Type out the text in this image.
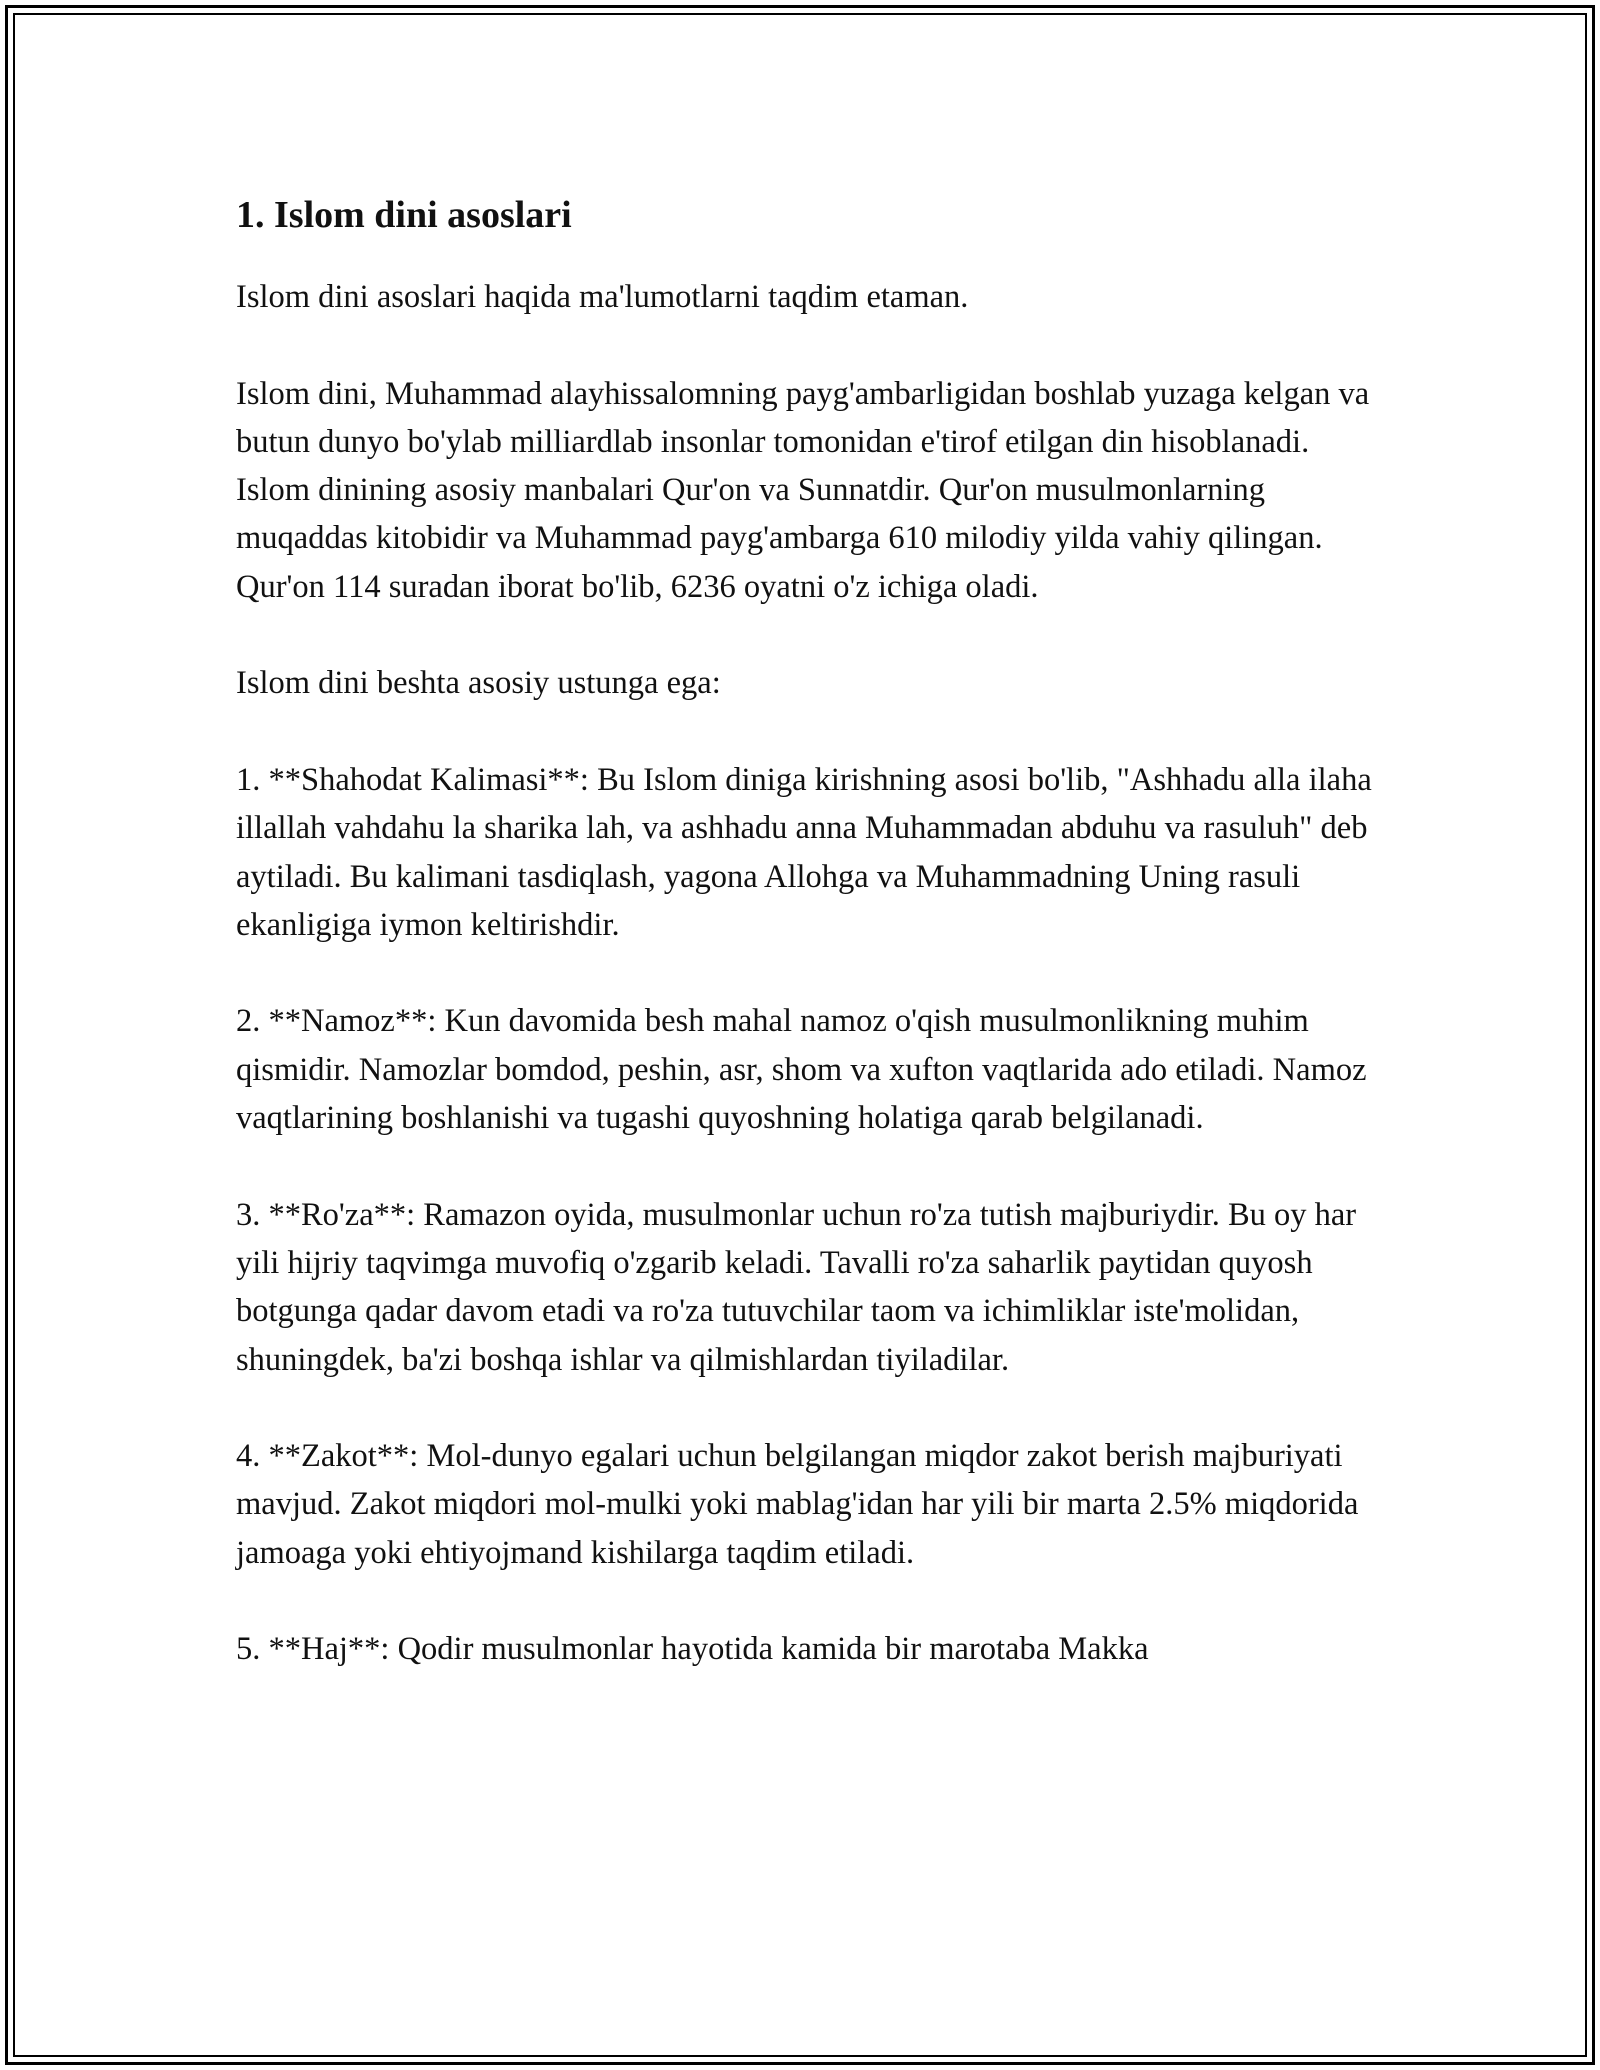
1. Islom dini asoslari

Islom dini asoslari haqida ma'lumotlarni taqdim etaman.

Islom dini, Muhammad alayhissalomning payg'ambarligidan boshlab yuzaga kelgan va butun dunyo bo'ylab milliardlab insonlar tomonidan e'tirof etilgan din hisoblanadi. Islom dinining asosiy manbalari Qur'on va Sunnatdir. Qur'on musulmonlarning muqaddas kitobidir va Muhammad payg'ambarga 610 milodiy yilda vahiy qilingan. Qur'on 114 suradan iborat bo'lib, 6236 oyatni o'z ichiga oladi.

Islom dini beshta asosiy ustunga ega:

1. **Shahodat Kalimasi**: Bu Islom diniga kirishning asosi bo'lib, "Ashhadu alla ilaha illallah vahdahu la sharika lah, va ashhadu anna Muhammadan abduhu va rasuluh" deb aytiladi. Bu kalimani tasdiqlash, yagona Allohga va Muhammadning Uning rasuli ekanligiga iymon keltirishdir.

2. **Namoz**: Kun davomida besh mahal namoz o'qish musulmonlikning muhim qismidir. Namozlar bomdod, peshin, asr, shom va xufton vaqtlarida ado etiladi. Namoz vaqtlarining boshlanishi va tugashi quyoshning holatiga qarab belgilanadi.

3. **Ro'za**: Ramazon oyida, musulmonlar uchun ro'za tutish majburiydir. Bu oy har yili hijriy taqvimga muvofiq o'zgarib keladi. Tavalli ro'za saharlik paytidan quyosh botgunga qadar davom etadi va ro'za tutuvchilar taom va ichimliklar iste'molidan, shuningdek, ba'zi boshqa ishlar va qilmishlardan tiyiladilar.

4. **Zakot**: Mol-dunyo egalari uchun belgilangan miqdor zakot berish majburiyati mavjud. Zakot miqdori mol-mulki yoki mablag'idan har yili bir marta 2.5% miqdorida jamoaga yoki ehtiyojmand kishilarga taqdim etiladi.

5. **Haj**: Qodir musulmonlar hayotida kamida bir marotaba Makka
